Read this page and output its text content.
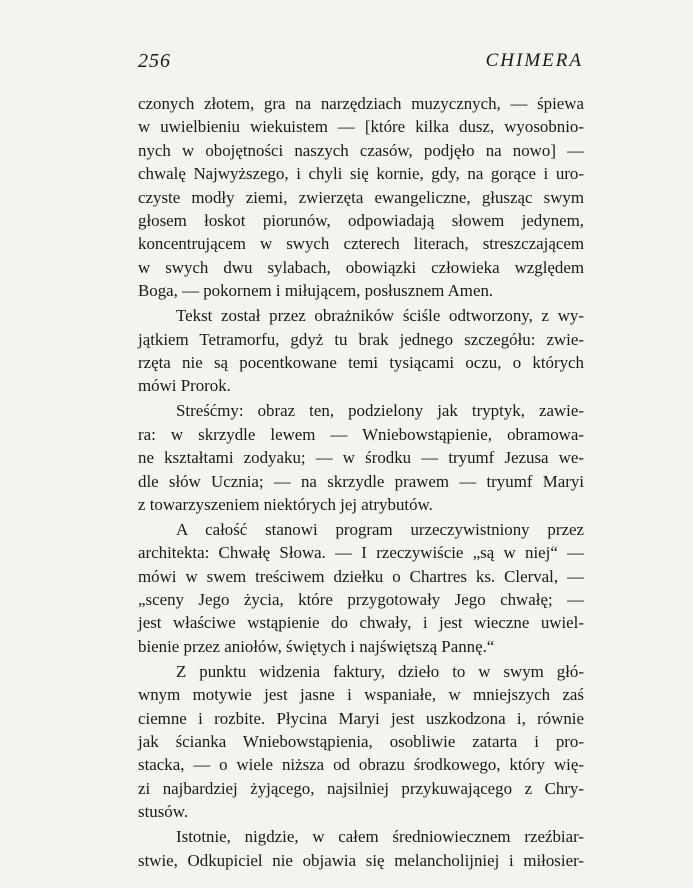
256	CHIMERA
czonych złotem, gra na narzędziach muzycznych, — śpiewa
w uwielbieniu wiekuistem — [które kilka dusz, wyosobnio-
nych w obojętności naszych czasów, podjęło na nowo] —
chwalę Najwyższego, i chyli się kornie, gdy, na gorące i uro-
czyste modły ziemi, zwierzęta ewangeliczne, głusząc swym
głosem łoskot piorunów, odpowiadają słowem jedynem,
koncentrującem w swych czterech literach, streszczającem
w swych dwu sylabach, obowiązki człowieka względem
Boga, — pokornem i miłującem, posłusznem Amen.
Tekst został przez obrażników ściśle odtworzony, z wy-
jątkiem Tetramorfu, gdyż tu brak jednego szczegółu: zwie-
rzęta nie są pocentkowane temi tysiącami oczu, o których
mówi Prorok.
Streśćmy: obraz ten, podzielony jak tryptyk, zawie-
ra: w skrzydle lewem — Wniebowstąpienie, obramowa-
ne kształtami zodyaku; — w środku — tryumf Jezusa we-
dle słów Ucznia; — na skrzydle prawem — tryumf Maryi
z towarzyszeniem niektórych jej atrybutów.
A całość stanowi program urzeczywistniony przez
architekta: Chwałę Słowa. — I rzeczywiście „są w niej“ —
mówi w swem treściwem dziełku o Chartres ks. Clerval, —
„sceny Jego życia, które przygotowały Jego chwałę; —
jest właściwe wstąpienie do chwały, i jest wieczne uwiel-
bienie przez aniołów, świętych i najświętszą Pannę.“
Z punktu widzenia faktury, dzieło to w swym głó-
wnym motywie jest jasne i wspaniałe, w mniejszych zaś
ciemne i rozbite. Płycina Maryi jest uszkodzona i, równie
jak ścianka Wniebowstąpienia, osobliwie zatarta i pro-
stacka, — o wiele niższa od obrazu środkowego, który wię-
zi najbardziej żyjącego, najsilniej przykuwającego z Chry-
stusów.
Istotnie, nigdzie, w całem średniowiecznem rzeźbiar-
stwie, Odkupiciel nie objawia się melancholijniej i miłosier-
